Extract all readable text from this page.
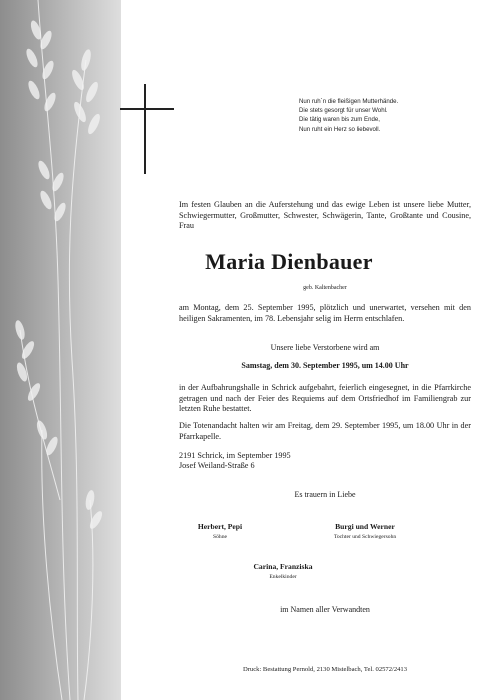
Nun ruh´n die fleißigen Mutterhände.
Die stets gesorgt für unser Wohl.
Die tätig waren bis zum Ende,
Nun ruht ein Herz so liebevoll.
Im festen Glauben an die Auferstehung und das ewige Leben ist unsere liebe Mutter, Schwiegermutter, Großmutter, Schwester, Schwägerin, Tante, Großtante und Cousine, Frau
Maria Dienbauer
geb. Kaltenbacher
am Montag, dem 25. September 1995, plötzlich und unerwartet, versehen mit den heiligen Sakramenten, im 78. Lebensjahr selig im Herrn entschlafen.
Unsere liebe Verstorbene wird am
Samstag, dem 30. September 1995, um 14.00 Uhr
in der Aufbahrungshalle in Schrick aufgebahrt, feierlich eingesegnet, in die Pfarrkirche getragen und nach der Feier des Requiems auf dem Ortsfriedhof im Familiengrab zur letzten Ruhe bestattet.
Die Totenandacht halten wir am Freitag, dem 29. September 1995, um 18.00 Uhr in der Pfarrkapelle.
2191 Schrick, im September 1995
Josef Weiland-Straße 6
Es trauern in Liebe
Herbert, Pepi
Söhne
Burgi und Werner
Tochter und Schwiegersohn
Carina, Franziska
Enkelkinder
im Namen aller Verwandten
Druck: Bestattung Pernold, 2130 Mistelbach, Tel. 02572/2413
